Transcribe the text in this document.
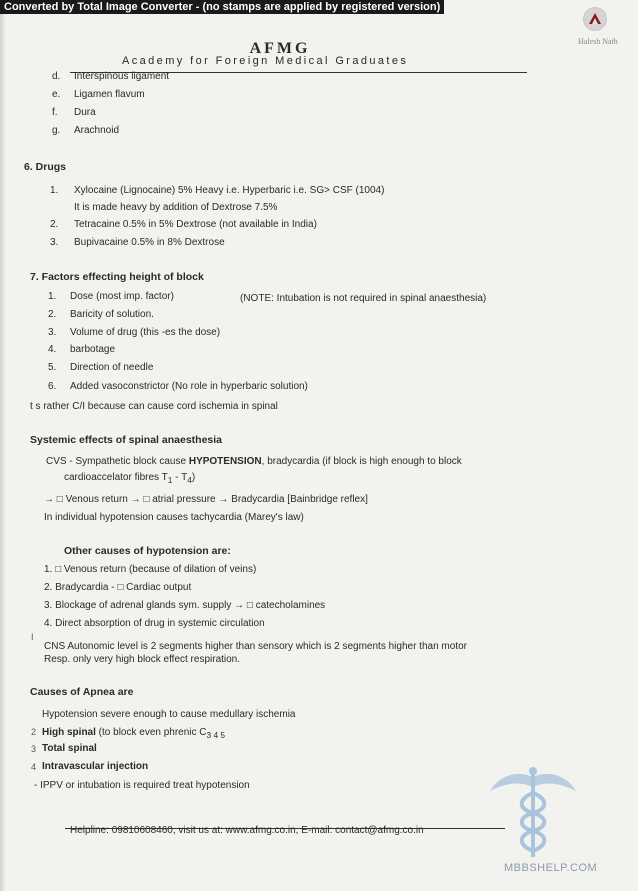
Converted by Total Image Converter - (no stamps are applied by registered version)
Halesh Nath
AFMG
Academy for Foreign Medical Graduates
d. Interspinous ligament
e. Ligamen flavum
f. Dura
g. Arachnoid
6. Drugs
1. Xylocaine (Lignocaine) 5% Heavy i.e. Hyperbaric i.e. SG> CSF (1004)
It is made heavy by addition of Dextrose 7.5%
2. Tetracaine 0.5% in 5% Dextrose (not available in India)
3. Bupivacaine 0.5% in 8% Dextrose
7. Factors effecting height of block
1. Dose (most imp. factor)	(NOTE: Intubation is not required in spinal anaesthesia)
2. Baricity of solution.
3. Volume of drug (this -es the dose)
4. barbotage
5. Direction of needle
6. Added vasoconstrictor (No role in hyperbaric solution)
t s rather C/I because can cause cord ischemia in spinal
Systemic effects of spinal anaesthesia
CVS - Sympathetic block cause HYPOTENSION, bradycardia (if block is high enough to block
cardioaccelator fibres $T_1 - T_4$)
→ □ Venous return → □ atrial pressure → Bradycardia [Bainbridge reflex]
In individual hypotension causes tachycardia (Marey's law)
Other causes of hypotension are:
1. □ Venous return (because of dilation of veins)
2. Bradycardia - □ Cardiac output
3. Blockage of adrenal glands sym. supply → □ catecholamines
4. Direct absorption of drug in systemic circulation
CNS Autonomic level is 2 segments higher than sensory which is 2 segments higher than motor
Resp. only very high block effect respiration.
Causes of Apnea are
Hypotension severe enough to cause medullary ischemia
High spinal (to block even phrenic $C_{3 4 5}$
Total spinal
Intravascular injection
- IPPV or intubation is required treat hypotension
I
2
3
4
Helpline: 09810608460, visit us at: www.afmg.co.in, E-mail: contact@afmg.co.in
MBBSHELP.COM
